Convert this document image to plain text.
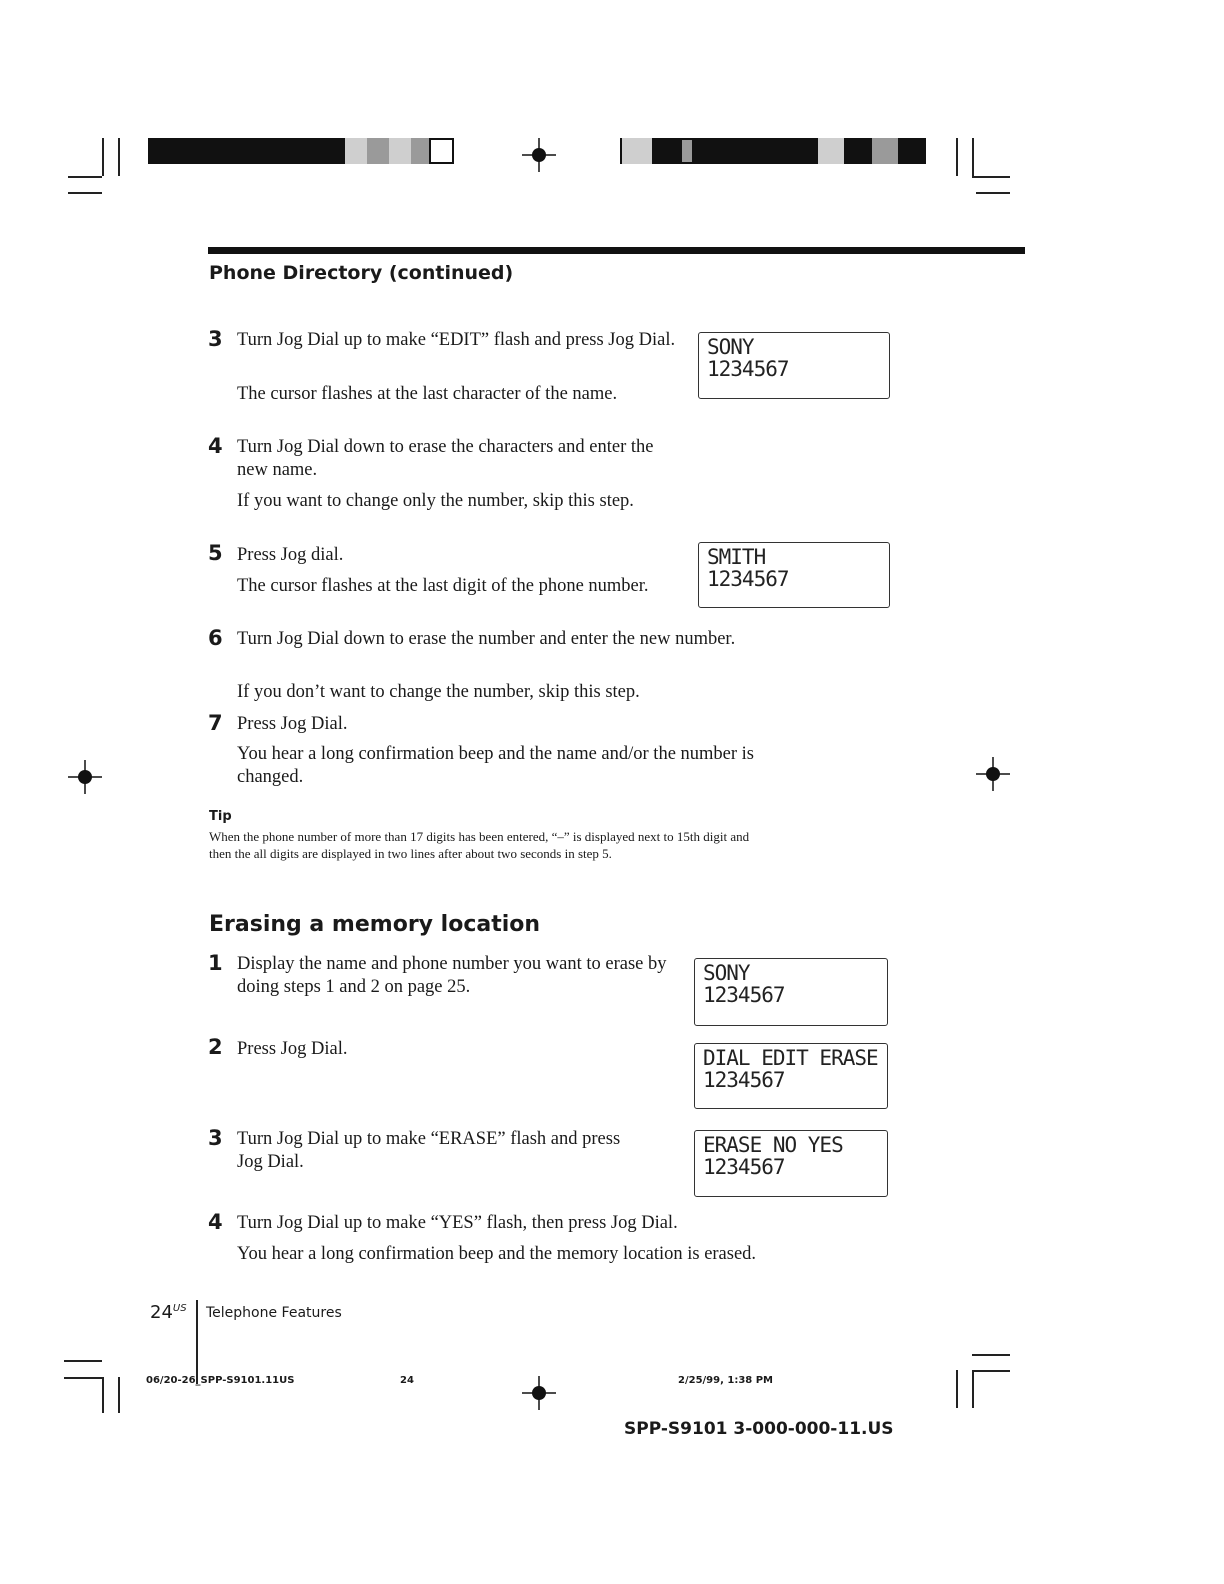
Phone Directory (continued)
3 Turn Jog Dial up to make “EDIT” flash and press Jog Dial.
The cursor flashes at the last character of the name.
4 Turn Jog Dial down to erase the characters and enter the new name.
If you want to change only the number, skip this step.
5 Press Jog dial.
The cursor flashes at the last digit of the phone number.
6 Turn Jog Dial down to erase the number and enter the new number.
If you don’t want to change the number, skip this step.
7 Press Jog Dial.
You hear a long confirmation beep and the name and/or the number is changed.
SONY
1234567
SMITH
1234567
Tip
When the phone number of more than 17 digits has been entered, “–” is displayed next to 15th digit and then the all digits are displayed in two lines after about two seconds in step 5.
Erasing a memory location
1 Display the name and phone number you want to erase by doing steps 1 and 2 on page 25.
2 Press Jog Dial.
3 Turn Jog Dial up to make “ERASE” flash and press Jog Dial.
4 Turn Jog Dial up to make “YES” flash, then press Jog Dial.
You hear a long confirmation beep and the memory location is erased.
SONY
1234567
DIAL EDIT ERASE
1234567
ERASE NO YES
1234567
$24^{US}$ Telephone Features
06/20-26_SPP-S9101.11US	24	2/25/99, 1:38 PM
SPP-S9101 3-000-000-11.US
